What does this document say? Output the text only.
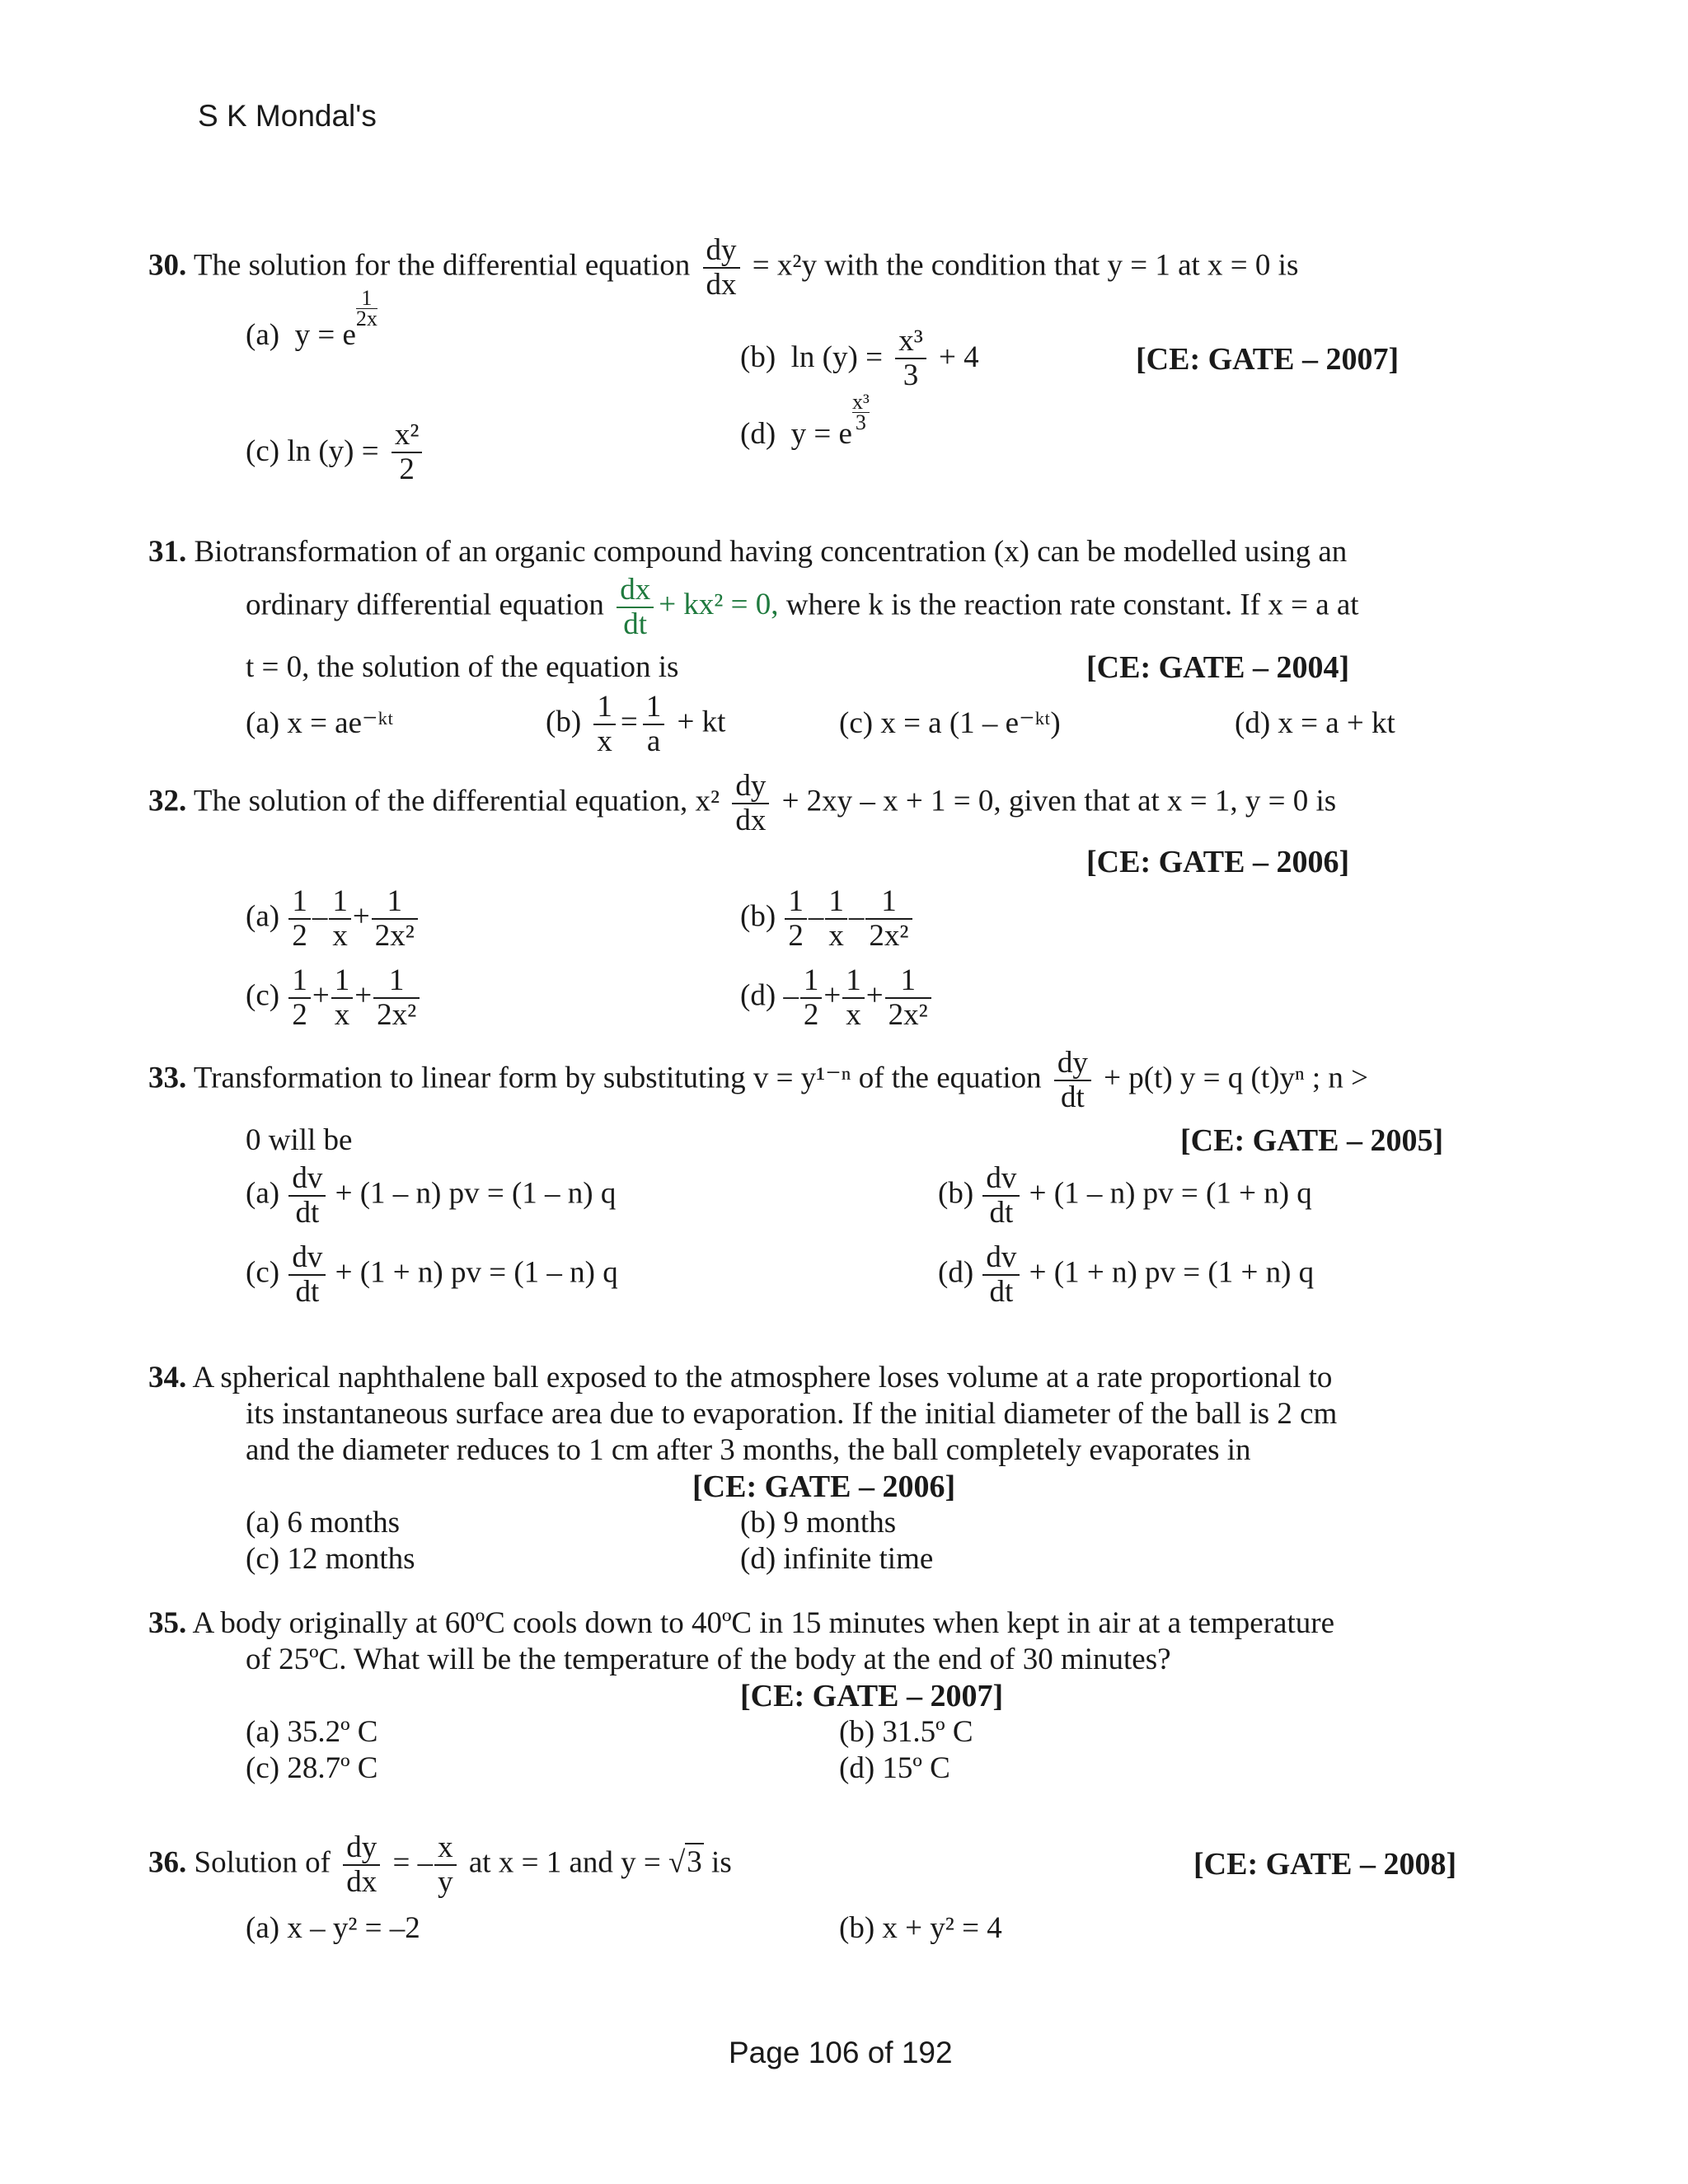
S K Mondal's
30. The solution for the differential equation $\frac{dy}{dx} = x^2y$ with the condition that y = 1 at x = 0 is
(a) y = e
$\frac{1}{2x}$
(b) $\ln (y) = \frac{\text{x³}}{3} + 4$	[CE: GATE – 2007]
(c) $\ln (y) = \frac{\text{x²}}{2}$	(d) y = e
$\frac{\text{x³}}{3}$
31. Biotransformation of an organic compound having concentration (x) can be modelled using an
ordinary differential equation $\frac{dx}{dt} + kx^2 = 0$, where k is the reaction rate constant. If x = a at
t = 0, the solution of the equation is	[CE: GATE – 2004]
(a) x = ae⁻ᵏᵗ	$(b) \frac{1}{x} = \frac{1}{a}$ + kt	(c) x = a (1 – e⁻ᵏᵗ)	(d) x = a + kt
32. The solution of the differential equation, $x^2 \frac{dy}{dx} + 2xy - x + 1 = 0$, given that at x = 1, y = 0 is
[CE: GATE – 2006]
$(a) \frac{1}{2} - \frac{1}{x} + \frac{1}{\text{2x²}}$	$(b) \frac{1}{2} - \frac{1}{x} - \frac{1}{\text{2x²}}$
$(c) \frac{1}{2} + \frac{1}{x} + \frac{1}{\text{2x²}}$	$(d) - \frac{1}{2} + \frac{1}{x} + \frac{1}{\text{2x²}}$
33. Transformation to linear form by substituting v = y¹⁻ⁿ of the equation $\frac{dy}{dt} + p(t) y = q$ (t)yⁿ ; n >
0 will be	[CE: GATE – 2005]
$(a) \frac{dv}{dt} + (1 - n)$ pv = (1 – n) q	$(b) \frac{dv}{dt} + (1 - n)$ pv = (1 + n) q
$(c) \frac{dv}{dt} + (1 + n)$ pv = (1 – n) q	$(d) \frac{dv}{dt} + (1 + n)$ pv = (1 + n) q
34. A spherical naphthalene ball exposed to the atmosphere loses volume at a rate proportional to
its instantaneous surface area due to evaporation. If the initial diameter of the ball is 2 cm
and the diameter reduces to 1 cm after 3 months, the ball completely evaporates in
[CE: GATE – 2006]
(a) 6 months	(b) 9 months
(c) 12 months	(d) infinite time
35. A body originally at 60ºC cools down to 40ºC in 15 minutes when kept in air at a temperature
of 25ºC. What will be the temperature of the body at the end of 30 minutes?
[CE: GATE – 2007]
(a) 35.2º C	(b) 31.5º C
(c) 28.7º C	(d) 15º C
36. Solution of $\frac{dy}{dx}$ = – $\frac{x}{y}$ at x = 1 and y = √3 is	[CE: GATE – 2008]
(a) x – y² = –2	(b) x + y² = 4
Page 106 of 192
